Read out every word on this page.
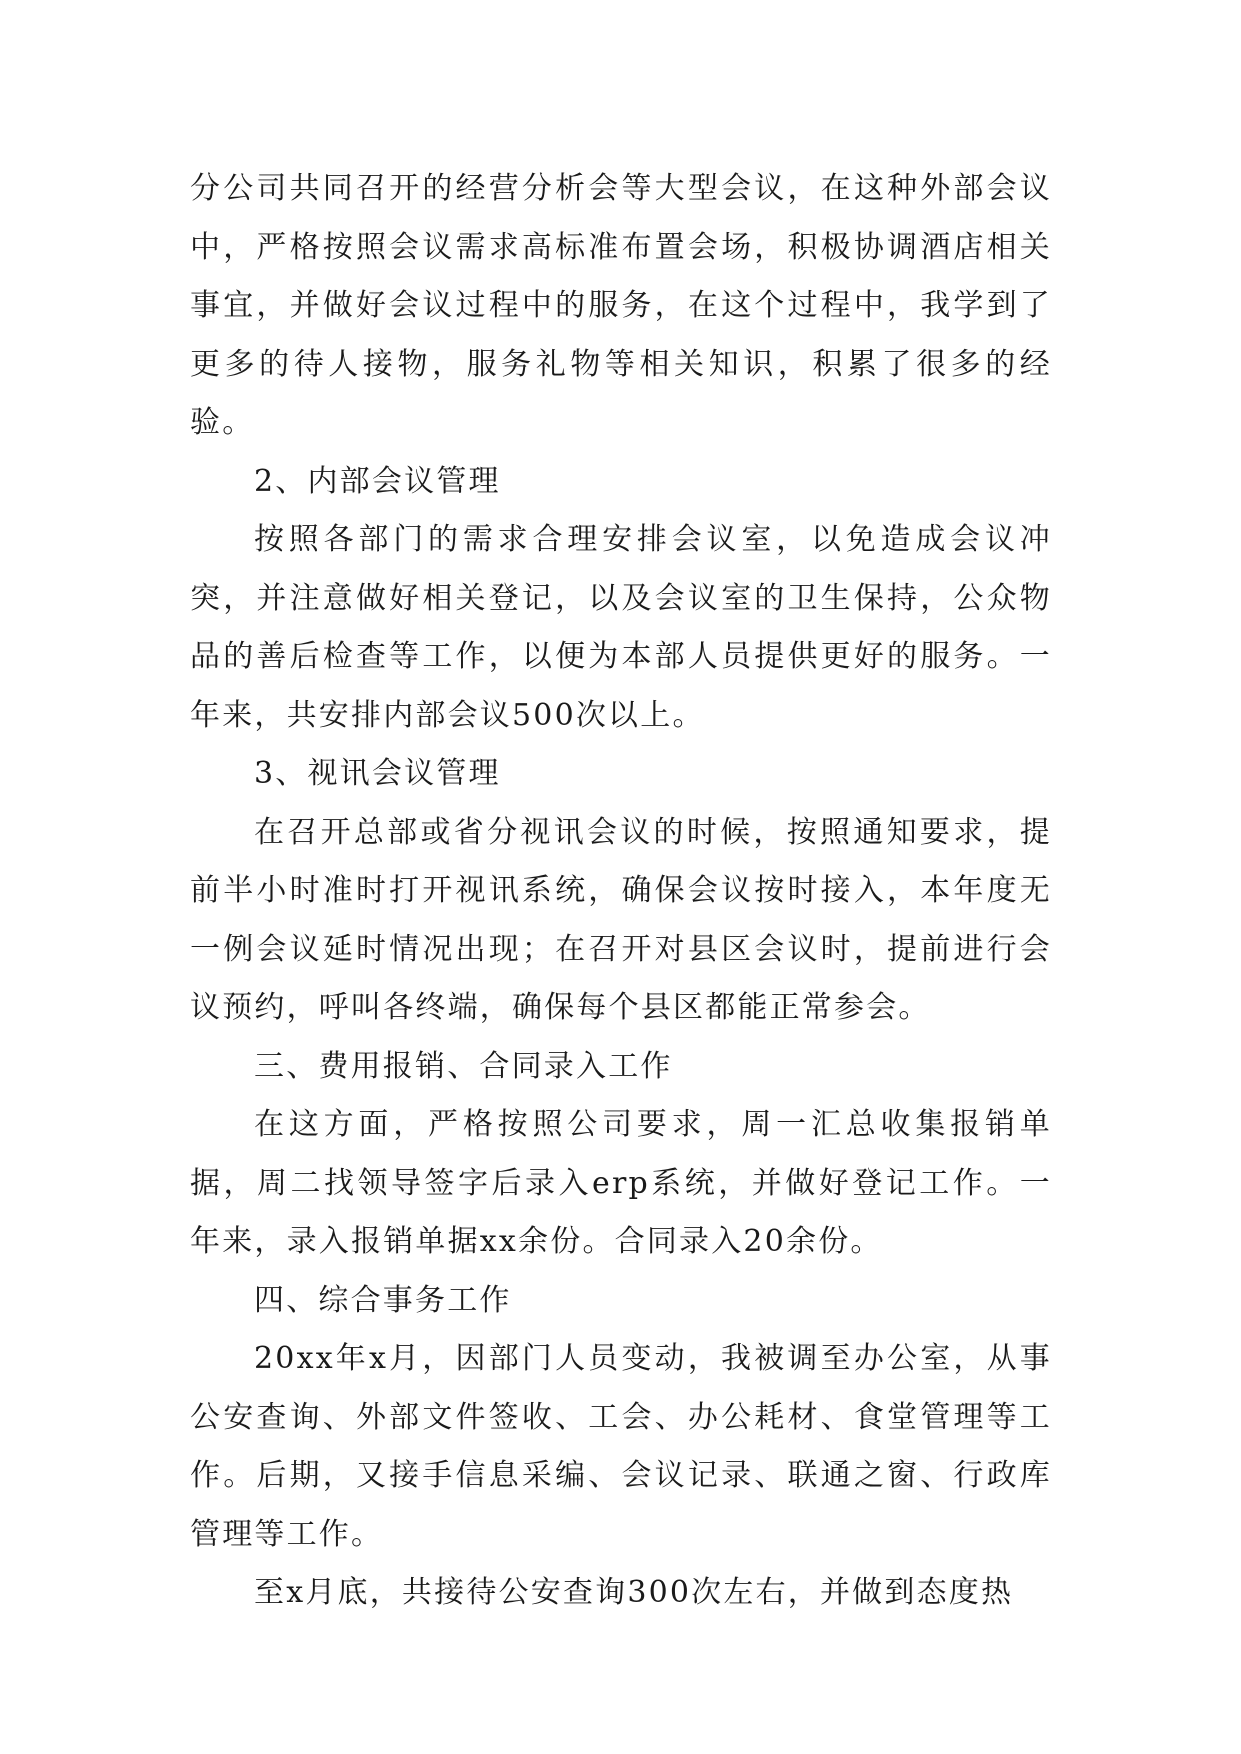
分公司共同召开的经营分析会等大型会议，在这种外部会议中，严格按照会议需求高标准布置会场，积极协调酒店相关事宜，并做好会议过程中的服务，在这个过程中，我学到了更多的待人接物，服务礼物等相关知识，积累了很多的经验。

2、内部会议管理

按照各部门的需求合理安排会议室，以免造成会议冲突，并注意做好相关登记，以及会议室的卫生保持，公众物品的善后检查等工作，以便为本部人员提供更好的服务。一年来，共安排内部会议500次以上。

3、视讯会议管理

在召开总部或省分视讯会议的时候，按照通知要求，提前半小时准时打开视讯系统，确保会议按时接入，本年度无一例会议延时情况出现；在召开对县区会议时，提前进行会议预约，呼叫各终端，确保每个县区都能正常参会。

三、费用报销、合同录入工作

在这方面，严格按照公司要求，周一汇总收集报销单据，周二找领导签字后录入erp系统，并做好登记工作。一年来，录入报销单据xx余份。合同录入20余份。

四、综合事务工作

20xx年x月，因部门人员变动，我被调至办公室，从事公安查询、外部文件签收、工会、办公耗材、食堂管理等工作。后期，又接手信息采编、会议记录、联通之窗、行政库管理等工作。

至x月底，共接待公安查询300次左右，并做到态度热
